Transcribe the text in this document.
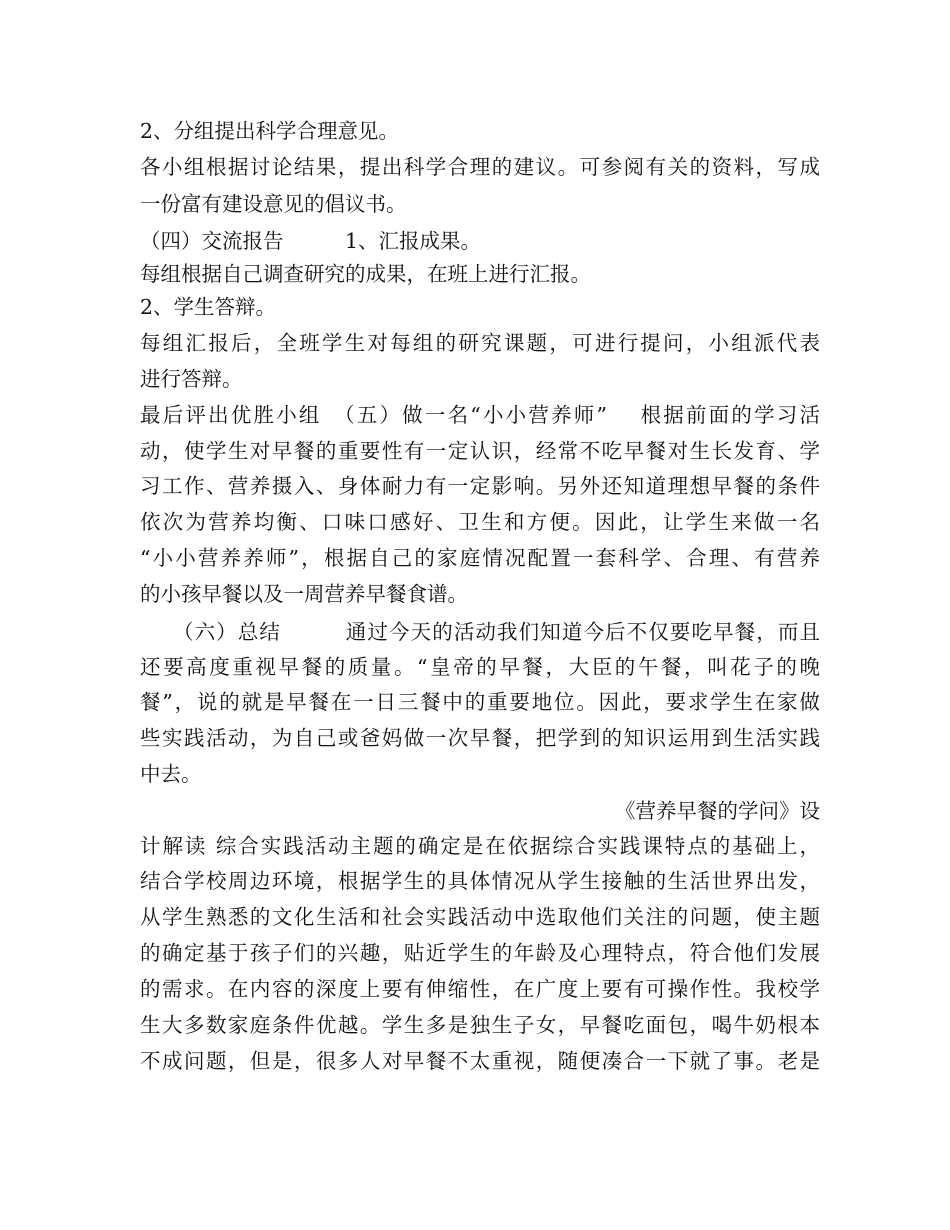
2、分组提出科学合理意见。
各小组根据讨论结果，提出科学合理的建议。可参阅有关的资料，写成
一份富有建设意见的倡议书。
（四）交流报告　　　1、汇报成果。
每组根据自己调查研究的成果，在班上进行汇报。
2、学生答辩。
每组汇报后，全班学生对每组的研究课题，可进行提问，小组派代表
进行答辩。
最后评出优胜小组　（五）做一名“小小营养师”　 根据前面的学习活
动，使学生对早餐的重要性有一定认识，经常不吃早餐对生长发育、学
习工作、营养摄入、身体耐力有一定影响。另外还知道理想早餐的条件
依次为营养均衡、口味口感好、卫生和方便。因此，让学生来做一名
“小小营养养师”，根据自己的家庭情况配置一套科学、合理、有营养
的小孩早餐以及一周营养早餐食谱。
　　（六）总结　　　通过今天的活动我们知道今后不仅要吃早餐，而且
还要高度重视早餐的质量。“皇帝的早餐，大臣的午餐，叫花子的晚
餐”，说的就是早餐在一日三餐中的重要地位。因此，要求学生在家做
些实践活动，为自己或爸妈做一次早餐，把学到的知识运用到生活实践
中去。
《营养早餐的学问》设
计解读 综合实践活动主题的确定是在依据综合实践课特点的基础上，
结合学校周边环境，根据学生的具体情况从学生接触的生活世界出发，
从学生熟悉的文化生活和社会实践活动中选取他们关注的问题，使主题
的确定基于孩子们的兴趣，贴近学生的年龄及心理特点，符合他们发展
的需求。在内容的深度上要有伸缩性，在广度上要有可操作性。我校学
生大多数家庭条件优越。学生多是独生子女，早餐吃面包，喝牛奶根本
不成问题，但是，很多人对早餐不太重视，随便凑合一下就了事。老是
